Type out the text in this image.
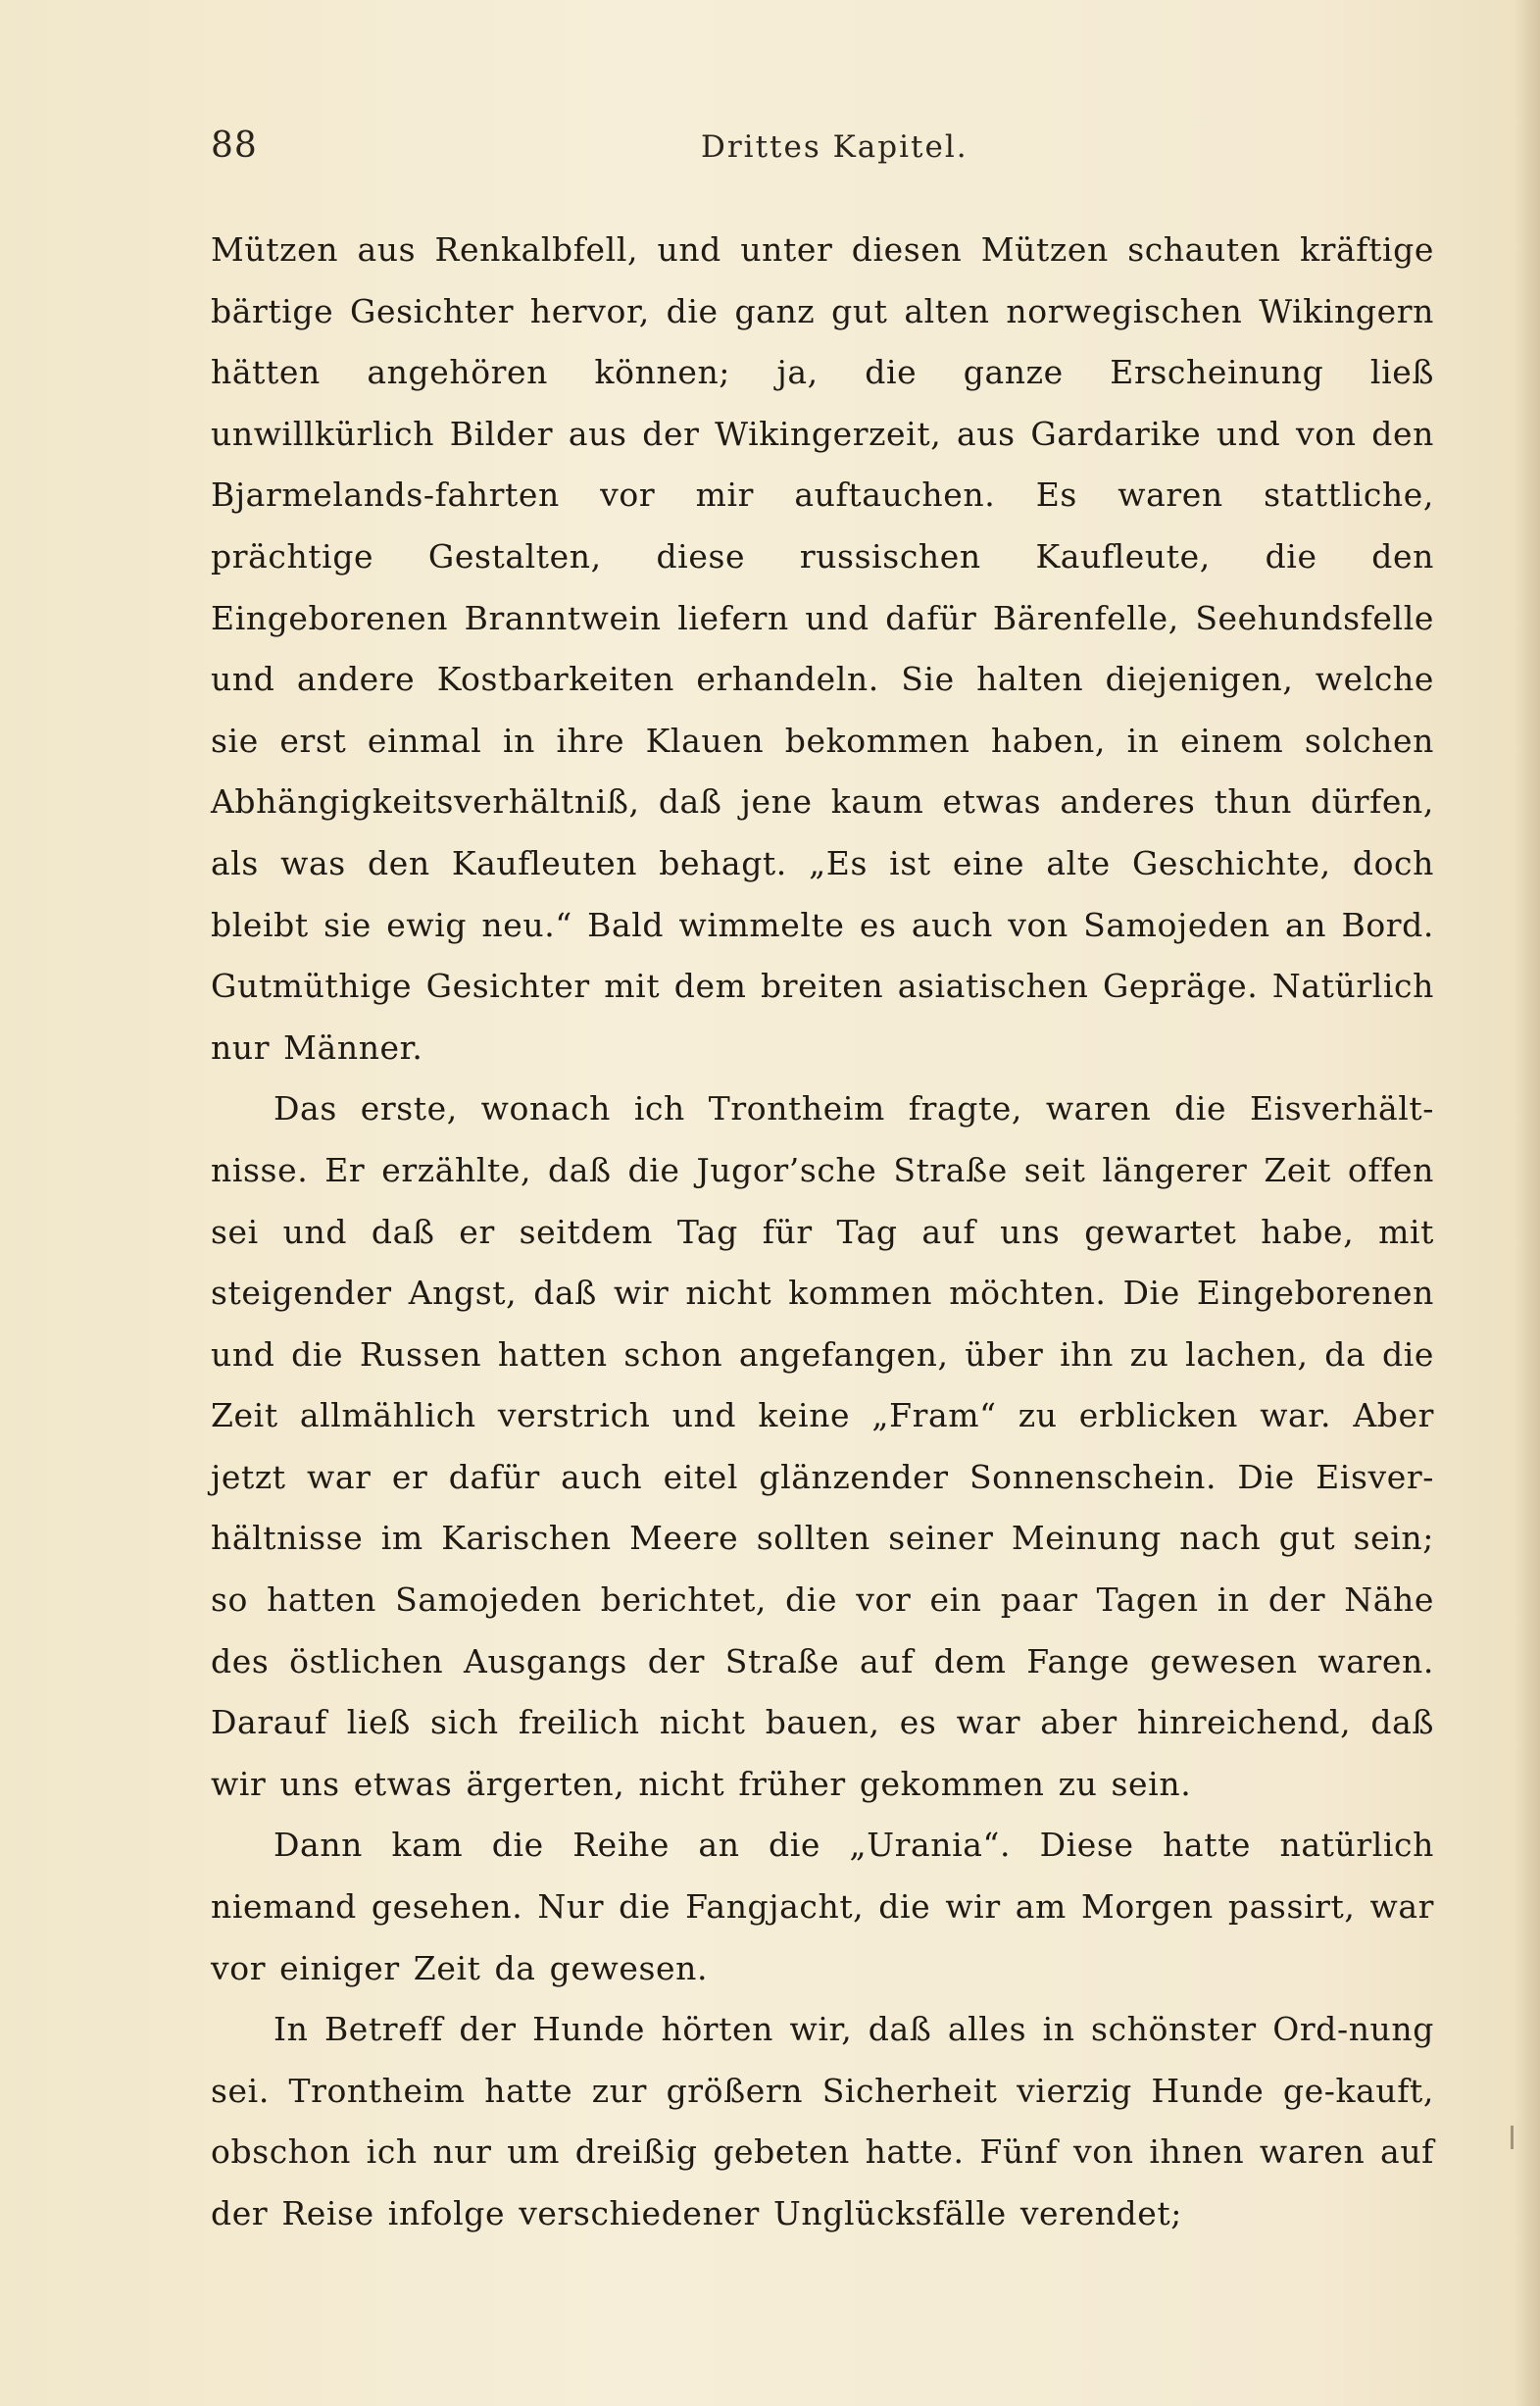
88	Drittes Kapitel.

Mützen aus Renkalbfell, und unter diesen Mützen schauten kräftige bärtige Gesichter hervor, die ganz gut alten norwegischen Wikingern hätten angehören können; ja, die ganze Erscheinung ließ unwillkürlich Bilder aus der Wikingerzeit, aus Gardarike und von den Bjarmelands-fahrten vor mir auftauchen. Es waren stattliche, prächtige Gestalten, diese russischen Kaufleute, die den Eingeborenen Branntwein liefern und dafür Bärenfelle, Seehundsfelle und andere Kostbarkeiten erhandeln. Sie halten diejenigen, welche sie erst einmal in ihre Klauen bekommen haben, in einem solchen Abhängigkeitsverhältniß, daß jene kaum etwas anderes thun dürfen, als was den Kaufleuten behagt. „Es ist eine alte Geschichte, doch bleibt sie ewig neu.“ Bald wimmelte es auch von Samojeden an Bord. Gutmüthige Gesichter mit dem breiten asiatischen Gepräge. Natürlich nur Männer.

Das erste, wonach ich Trontheim fragte, waren die Eisverhält-nisse. Er erzählte, daß die Jugor’sche Straße seit längerer Zeit offen sei und daß er seitdem Tag für Tag auf uns gewartet habe, mit steigender Angst, daß wir nicht kommen möchten. Die Eingeborenen und die Russen hatten schon angefangen, über ihn zu lachen, da die Zeit allmählich verstrich und keine „Fram“ zu erblicken war. Aber jetzt war er dafür auch eitel glänzender Sonnenschein. Die Eisver-hältnisse im Karischen Meere sollten seiner Meinung nach gut sein; so hatten Samojeden berichtet, die vor ein paar Tagen in der Nähe des östlichen Ausgangs der Straße auf dem Fange gewesen waren. Darauf ließ sich freilich nicht bauen, es war aber hinreichend, daß wir uns etwas ärgerten, nicht früher gekommen zu sein.

Dann kam die Reihe an die „Urania“. Diese hatte natürlich niemand gesehen. Nur die Fangjacht, die wir am Morgen passirt, war vor einiger Zeit da gewesen.

In Betreff der Hunde hörten wir, daß alles in schönster Ord-nung sei. Trontheim hatte zur größern Sicherheit vierzig Hunde ge-kauft, obschon ich nur um dreißig gebeten hatte. Fünf von ihnen waren auf der Reise infolge verschiedener Unglücksfälle verendet;
